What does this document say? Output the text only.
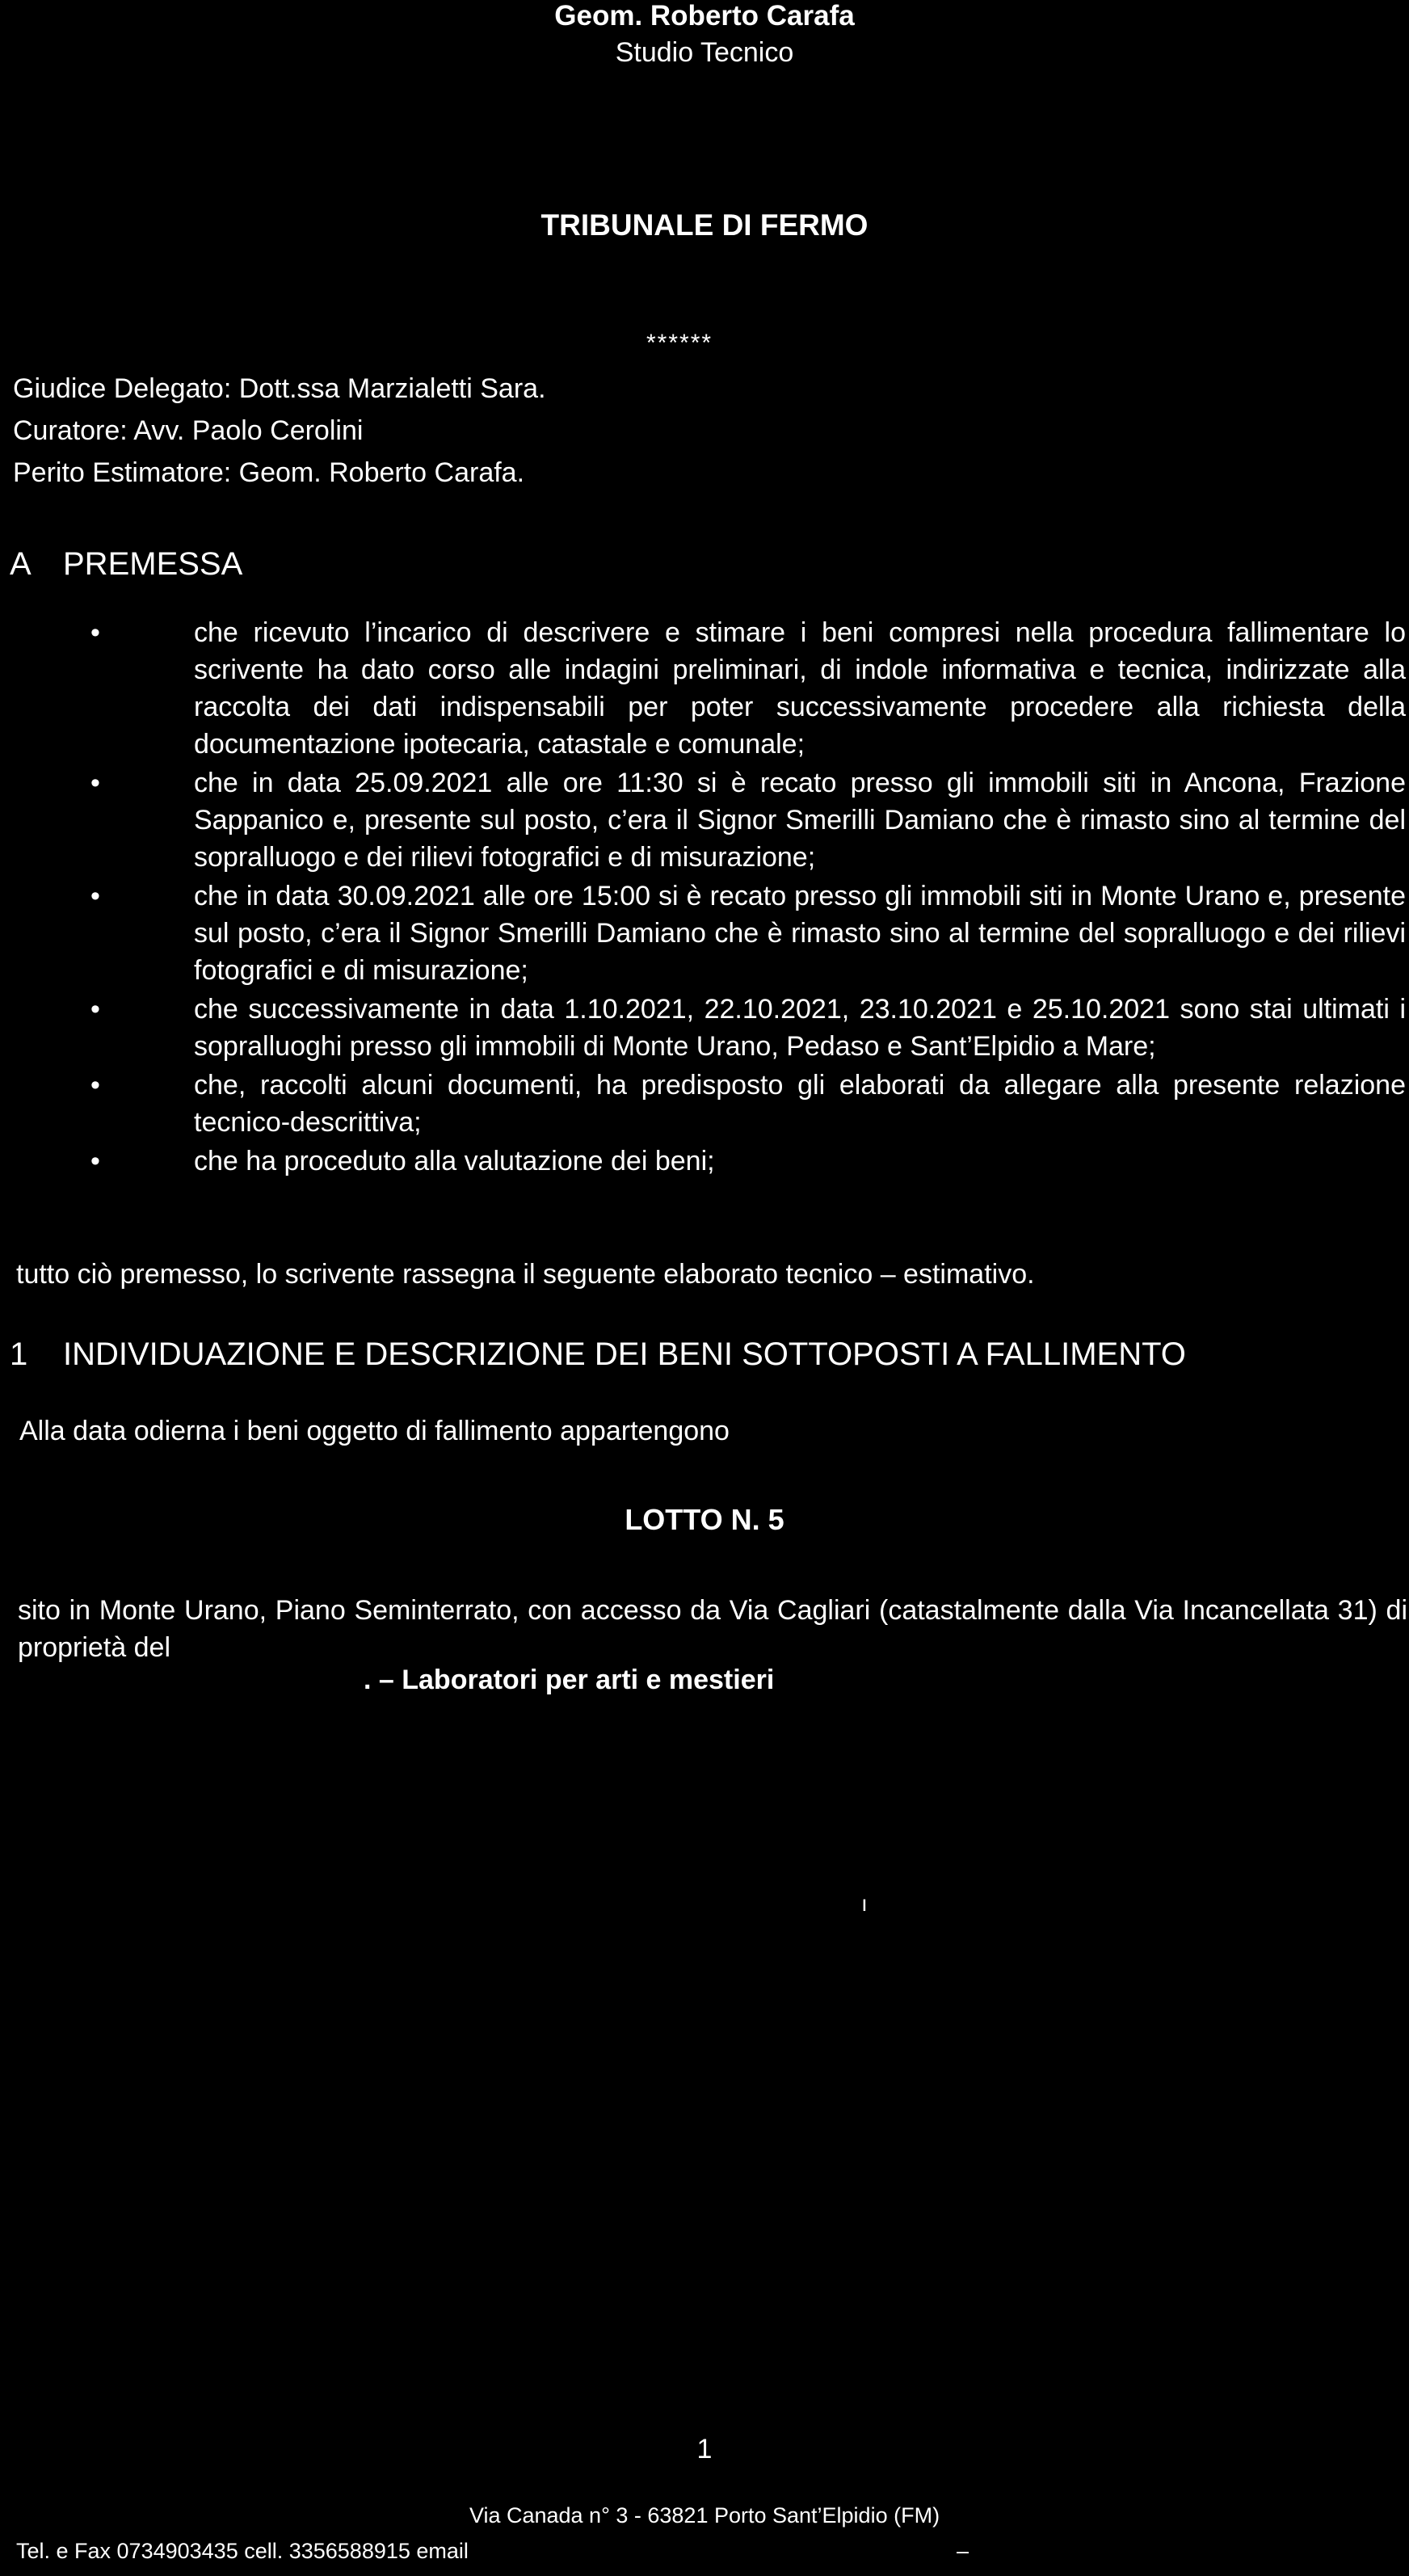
Geom. Roberto Carafa
Studio Tecnico
TRIBUNALE DI FERMO
******
Giudice Delegato: Dott.ssa Marzialetti Sara.
Curatore: Avv. Paolo Cerolini
Perito Estimatore: Geom. Roberto Carafa.
A PREMESSA
•	che ricevuto l’incarico di descrivere e stimare i beni compresi nella procedura fallimentare lo scrivente ha dato corso alle indagini preliminari, di indole informativa e tecnica, indirizzate alla raccolta dei dati indispensabili per poter successivamente procedere alla richiesta della documentazione ipotecaria, catastale e comunale;
•	che in data 25.09.2021 alle ore 11:30 si è recato presso gli immobili siti in Ancona, Frazione Sappanico e, presente sul posto, c’era il Signor Smerilli Damiano che è rimasto sino al termine del sopralluogo e dei rilievi fotografici e di misurazione;
•	che in data 30.09.2021 alle ore 15:00 si è recato presso gli immobili siti in Monte Urano e, presente sul posto, c’era il Signor Smerilli Damiano che è rimasto sino al termine del sopralluogo e dei rilievi fotografici e di misurazione;
•	che successivamente in data 1.10.2021, 22.10.2021, 23.10.2021 e 25.10.2021 sono stai ultimati i sopralluoghi presso gli immobili di Monte Urano, Pedaso e Sant’Elpidio a Mare;
•	che, raccolti alcuni documenti, ha predisposto gli elaborati da allegare alla presente relazione tecnico-descrittiva;
•	che ha proceduto alla valutazione dei beni;
tutto ciò premesso, lo scrivente rassegna il seguente elaborato tecnico – estimativo.
1 INDIVIDUAZIONE E DESCRIZIONE DEI BENI SOTTOPOSTI A FALLIMENTO
Alla data odierna i beni oggetto di fallimento appartengono
LOTTO N. 5
sito in Monte Urano, Piano Seminterrato, con accesso da Via Cagliari (catastalmente dalla Via Incancellata 31) di proprietà del
. – Laboratori per arti e mestieri
ı
1
Via Canada n° 3 - 63821 Porto Sant’Elpidio (FM)
Tel. e Fax 0734903435 cell. 3356588915 email	–
